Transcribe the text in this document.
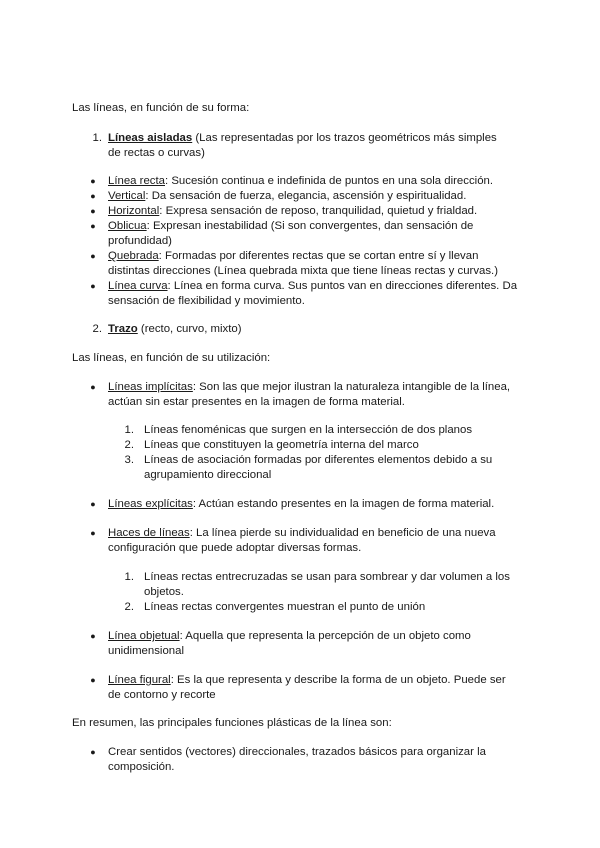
Las líneas, en función de su forma:
1. Líneas aisladas (Las representadas por los trazos geométricos más simples de rectas o curvas)
● Línea recta: Sucesión continua e indefinida de puntos en una sola dirección.
● Vertical: Da sensación de fuerza, elegancia, ascensión y espiritualidad.
● Horizontal: Expresa sensación de reposo, tranquilidad, quietud y frialdad.
● Oblicua: Expresan inestabilidad (Si son convergentes, dan sensación de profundidad)
● Quebrada: Formadas por diferentes rectas que se cortan entre sí y llevan distintas direcciones (Línea quebrada mixta que tiene líneas rectas y curvas.)
● Línea curva: Línea en forma curva. Sus puntos van en direcciones diferentes. Da sensación de flexibilidad y movimiento.
2. Trazo (recto, curvo, mixto)
Las líneas, en función de su utilización:
● Líneas implícitas: Son las que mejor ilustran la naturaleza intangible de la línea, actúan sin estar presentes en la imagen de forma material.
1. Líneas fenoménicas que surgen en la intersección de dos planos
2. Líneas que constituyen la geometría interna del marco
3. Líneas de asociación formadas por diferentes elementos debido a su agrupamiento direccional
● Líneas explícitas: Actúan estando presentes en la imagen de forma material.
● Haces de líneas: La línea pierde su individualidad en beneficio de una nueva configuración que puede adoptar diversas formas.
1. Líneas rectas entrecruzadas se usan para sombrear y dar volumen a los objetos.
2. Líneas rectas convergentes muestran el punto de unión
● Línea objetual: Aquella que representa la percepción de un objeto como unidimensional
● Línea figural: Es la que representa y describe la forma de un objeto. Puede ser de contorno y recorte
En resumen, las principales funciones plásticas de la línea son:
● Crear sentidos (vectores) direccionales, trazados básicos para organizar la composición.
